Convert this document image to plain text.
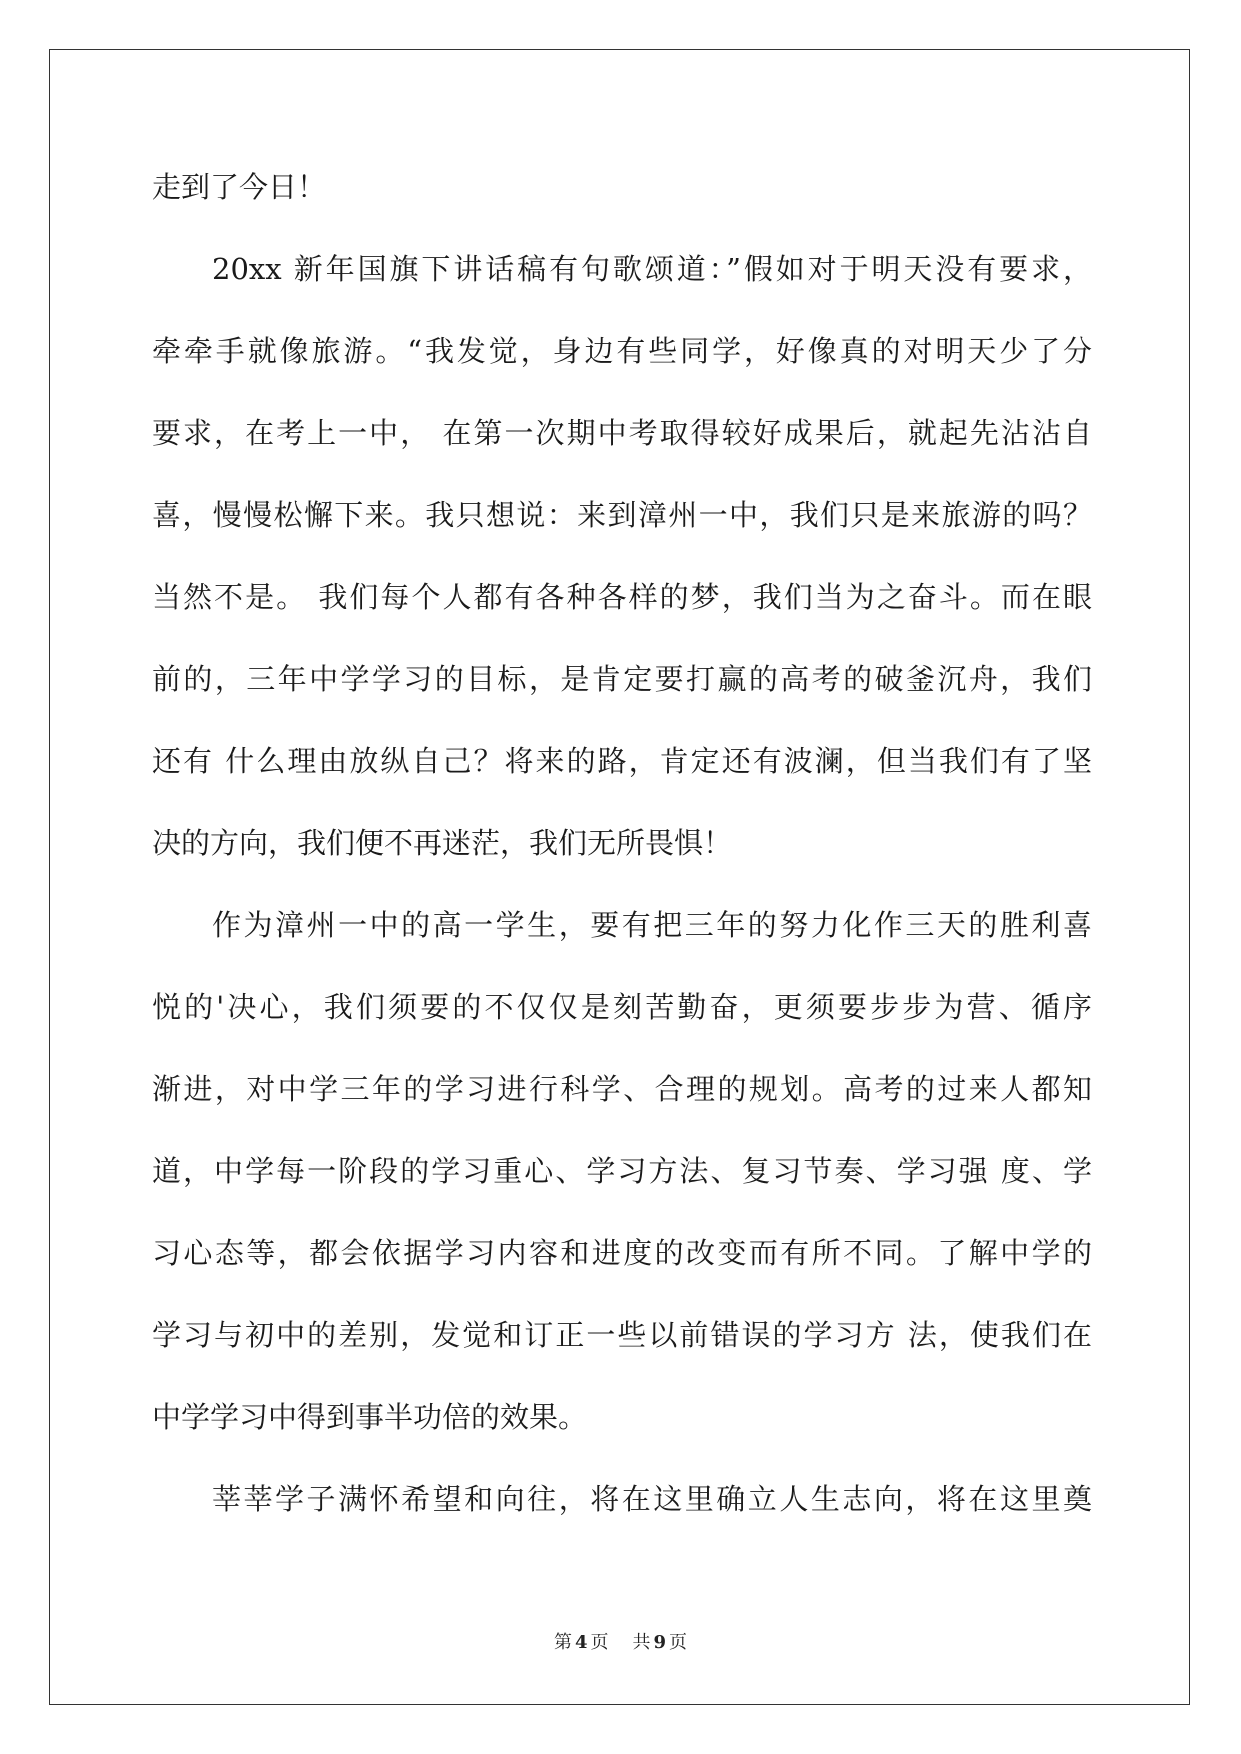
走到了今日！
20xx 新年国旗下讲话稿有句歌颂道：”假如对于明天没有要求，
牵牵手就像旅游。“我发觉，身边有些同学，好像真的对明天少了分
要求，在考上一中， 在第一次期中考取得较好成果后，就起先沾沾自
喜，慢慢松懈下来。我只想说：来到漳州一中，我们只是来旅游的吗？
当然不是。 我们每个人都有各种各样的梦，我们当为之奋斗。而在眼
前的，三年中学学习的目标，是肯定要打赢的高考的破釜沉舟，我们
还有 什么理由放纵自己？将来的路，肯定还有波澜，但当我们有了坚
决的方向，我们便不再迷茫，我们无所畏惧！
作为漳州一中的高一学生，要有把三年的努力化作三天的胜利喜
悦的'决心，我们须要的不仅仅是刻苦勤奋，更须要步步为营、循序
渐进，对中学三年的学习进行科学、合理的规划。高考的过来人都知
道，中学每一阶段的学习重心、学习方法、复习节奏、学习强 度、学
习心态等，都会依据学习内容和进度的改变而有所不同。了解中学的
学习与初中的差别，发觉和订正一些以前错误的学习方 法，使我们在
中学学习中得到事半功倍的效果。
莘莘学子满怀希望和向往，将在这里确立人生志向，将在这里奠
第 4 页 共 9 页
